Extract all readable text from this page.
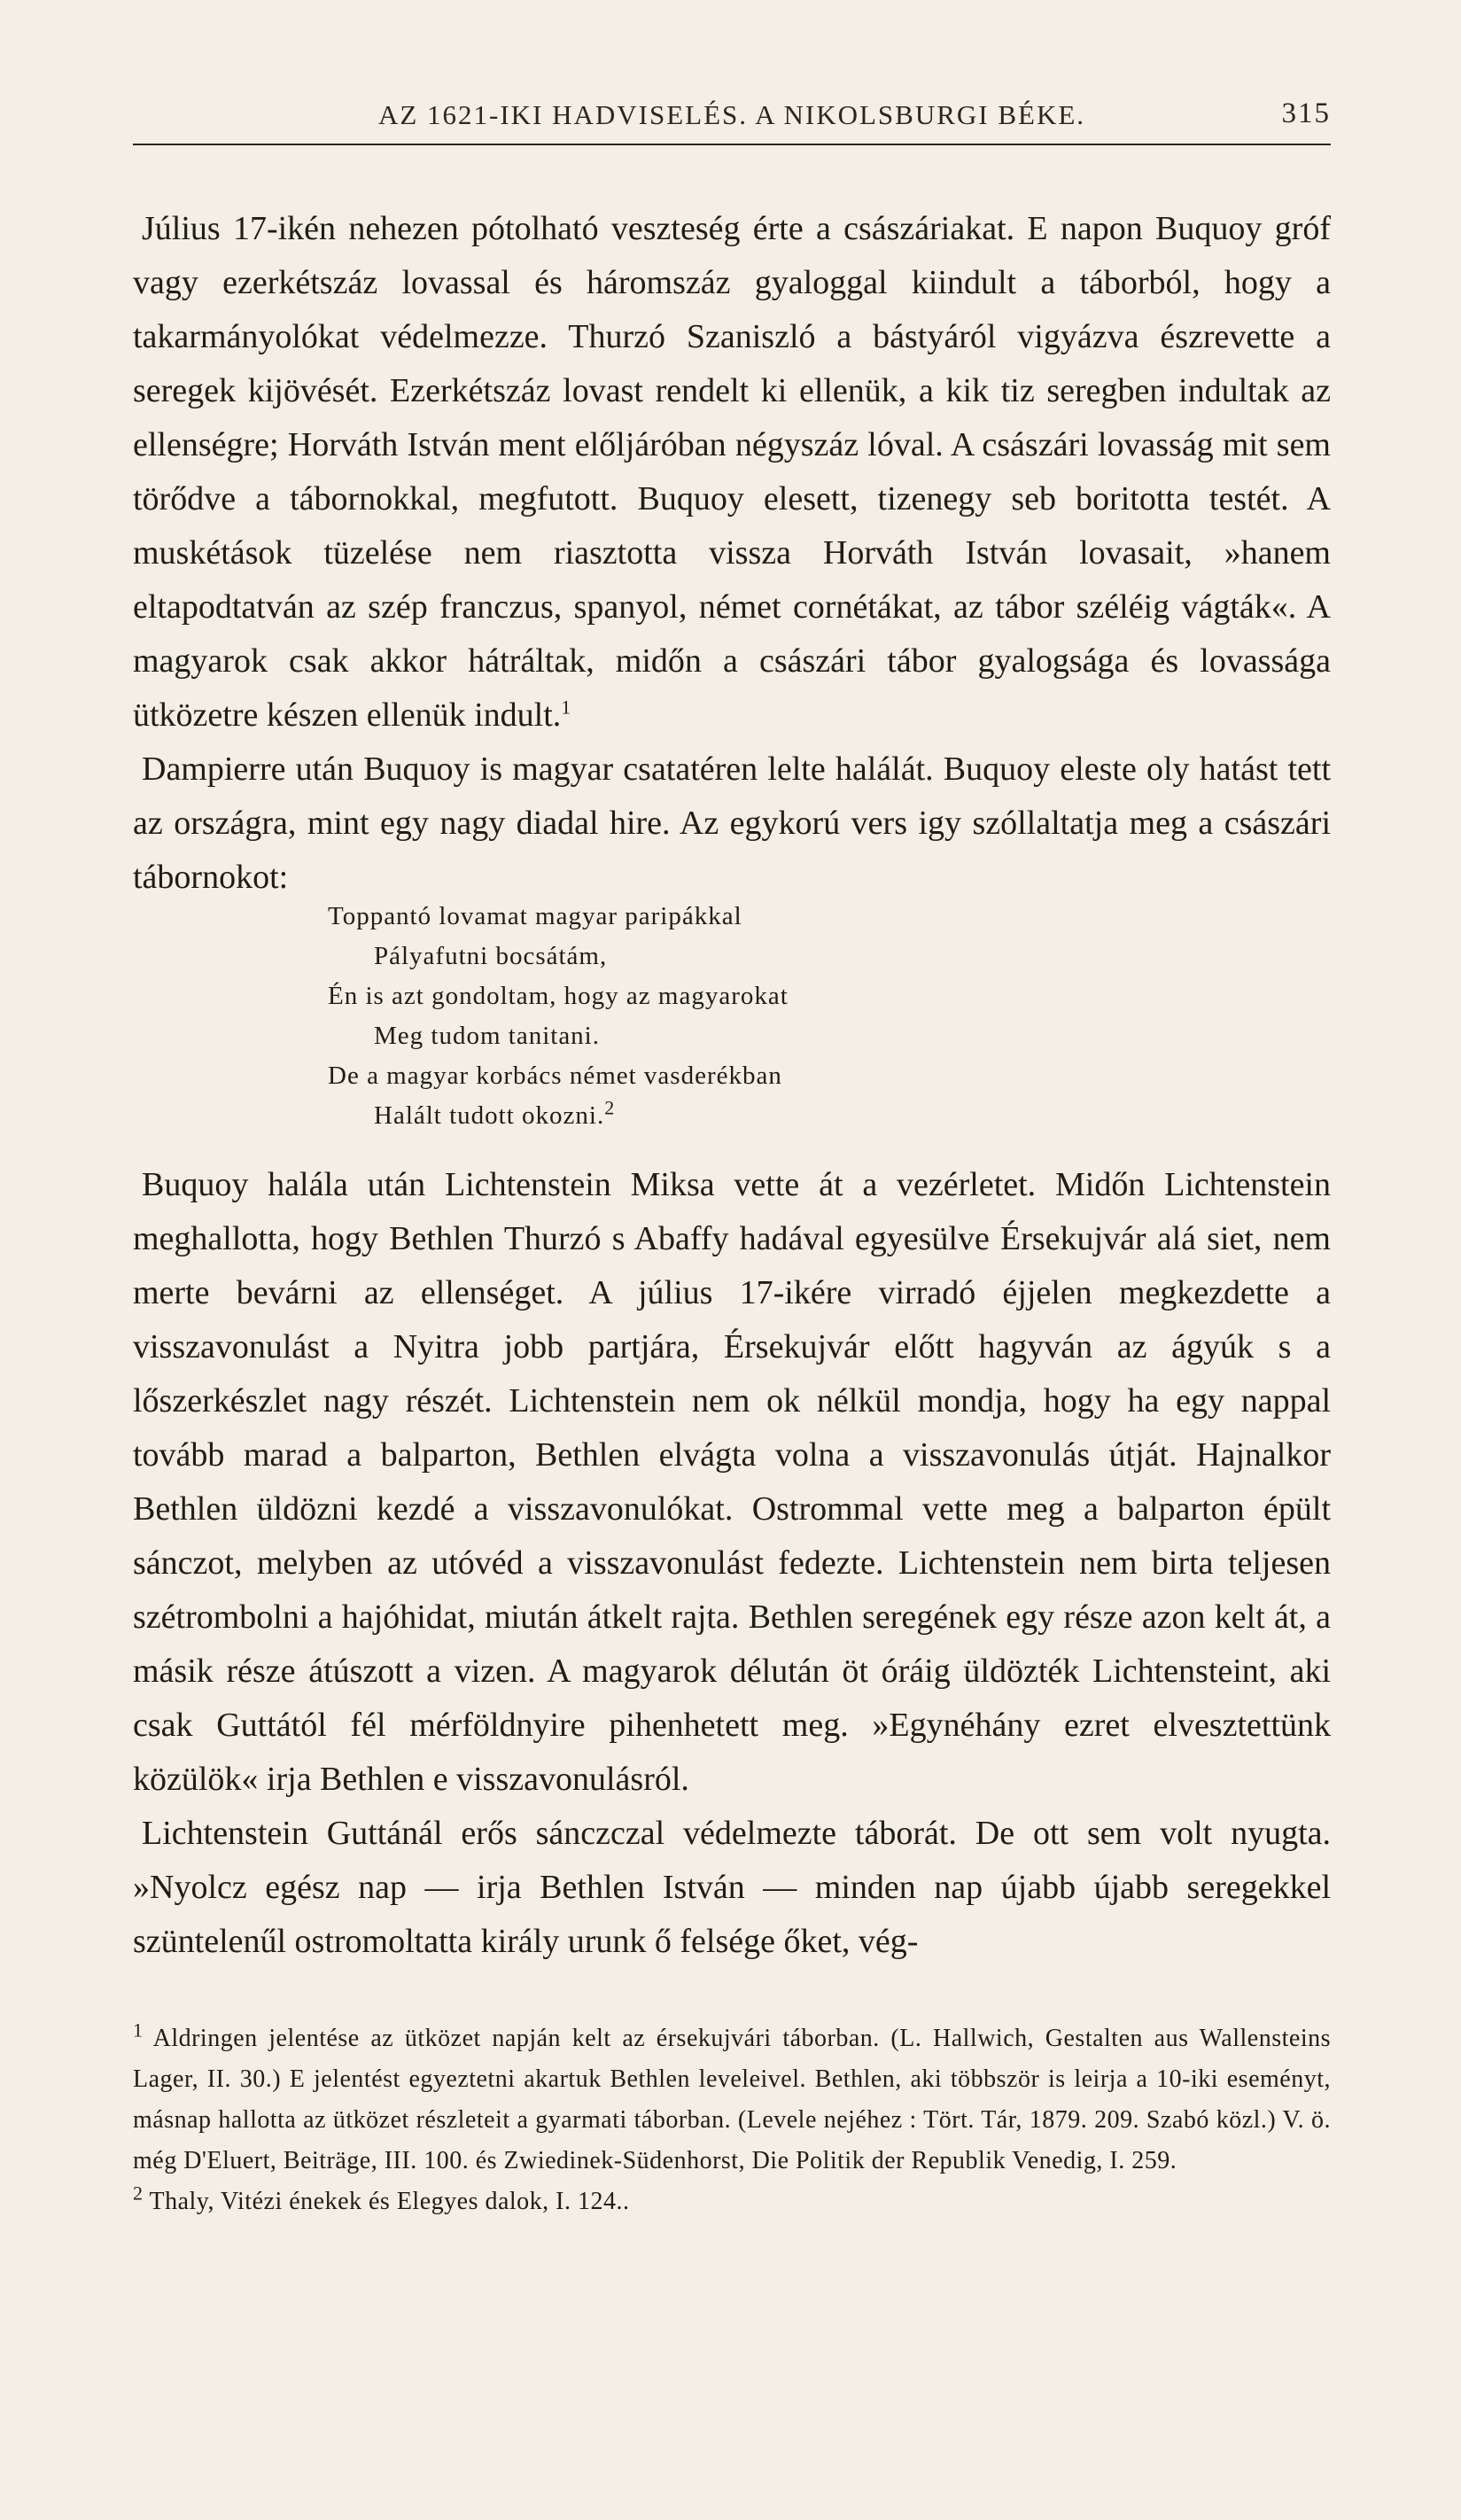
AZ 1621-IKI HADVISELÉS. A NIKOLSBURGI BÉKE.	315

Július 17-ikén nehezen pótolható veszteség érte a császáriakat. E napon Buquoy gróf vagy ezerkétszáz lovassal és háromszáz gyaloggal kiindult a táborból, hogy a takarmányolókat védelmezze. Thurzó Szaniszló a bástyáról vigyázva észrevette a seregek kijövését. Ezerkétszáz lovast rendelt ki ellenük, a kik tiz seregben indultak az ellenségre; Horváth István ment előljáróban négyszáz lóval. A császári lovasság mit sem törődve a tábornokkal, megfutott. Buquoy elesett, tizenegy seb boritotta testét. A muskétások tüzelése nem riasztotta vissza Horváth István lovasait, »hanem eltapodtatván az szép franczus, spanyol, német cornétákat, az tábor széléig vágták«. A magyarok csak akkor hátráltak, midőn a császári tábor gyalogsága és lovassága ütközetre készen ellenük indult.$^1$

Dampierre után Buquoy is magyar csatatéren lelte halálát. Buquoy eleste oly hatást tett az országra, mint egy nagy diadal hire. Az egykorú vers igy szóllaltatja meg a császári tábornokot:

Toppantó lovamat magyar paripákkal
Pályafutni bocsátám,
Én is azt gondoltam, hogy az magyarokat
Meg tudom tanitani.
De a magyar korbács német vasderékban
Halált tudott okozni.$^2$

Buquoy halála után Lichtenstein Miksa vette át a vezérletet. Midőn Lichtenstein meghallotta, hogy Bethlen Thurzó s Abaffy hadával egyesülve Érsekujvár alá siet, nem merte bevárni az ellenséget. A július 17-ikére virradó éjjelen megkezdette a visszavonulást a Nyitra jobb partjára, Érsekujvár előtt hagyván az ágyúk s a lőszerkészlet nagy részét. Lichtenstein nem ok nélkül mondja, hogy ha egy nappal tovább marad a balparton, Bethlen elvágta volna a visszavonulás útját. Hajnalkor Bethlen üldözni kezdé a visszavonulókat. Ostrommal vette meg a balparton épült sánczot, melyben az utóvéd a visszavonulást fedezte. Lichtenstein nem birta teljesen szétrombolni a hajóhidat, miután átkelt rajta. Bethlen seregének egy része azon kelt át, a másik része átúszott a vizen. A magyarok délután öt óráig üldözték Lichtensteint, aki csak Guttától fél mérföldnyire pihenhetett meg. »Egynéhány ezret elvesztettünk közülök« irja Bethlen e visszavonulásról.

Lichtenstein Guttánál erős sánczczal védelmezte táborát. De ott sem volt nyugta. »Nyolcz egész nap — irja Bethlen István — minden nap újabb újabb seregekkel szüntelenűl ostromoltatta király urunk ő felsége őket, vég-

$^1$ Aldringen jelentése az ütközet napján kelt az érsekujvári táborban. (L. Hallwich, Gestalten aus Wallensteins Lager, II. 30.) E jelentést egyeztetni akartuk Bethlen leveleivel. Bethlen, aki többször is leirja a 10-iki eseményt, másnap hallotta az ütközet részleteit a gyarmati táborban. (Levele nejéhez : Tört. Tár, 1879. 209. Szabó közl.) V. ö. még D'Eluert, Beiträge, III. 100. és Zwiedinek-Südenhorst, Die Politik der Republik Venedig, I. 259.

$^2$ Thaly, Vitézi énekek és Elegyes dalok, I. 124..
